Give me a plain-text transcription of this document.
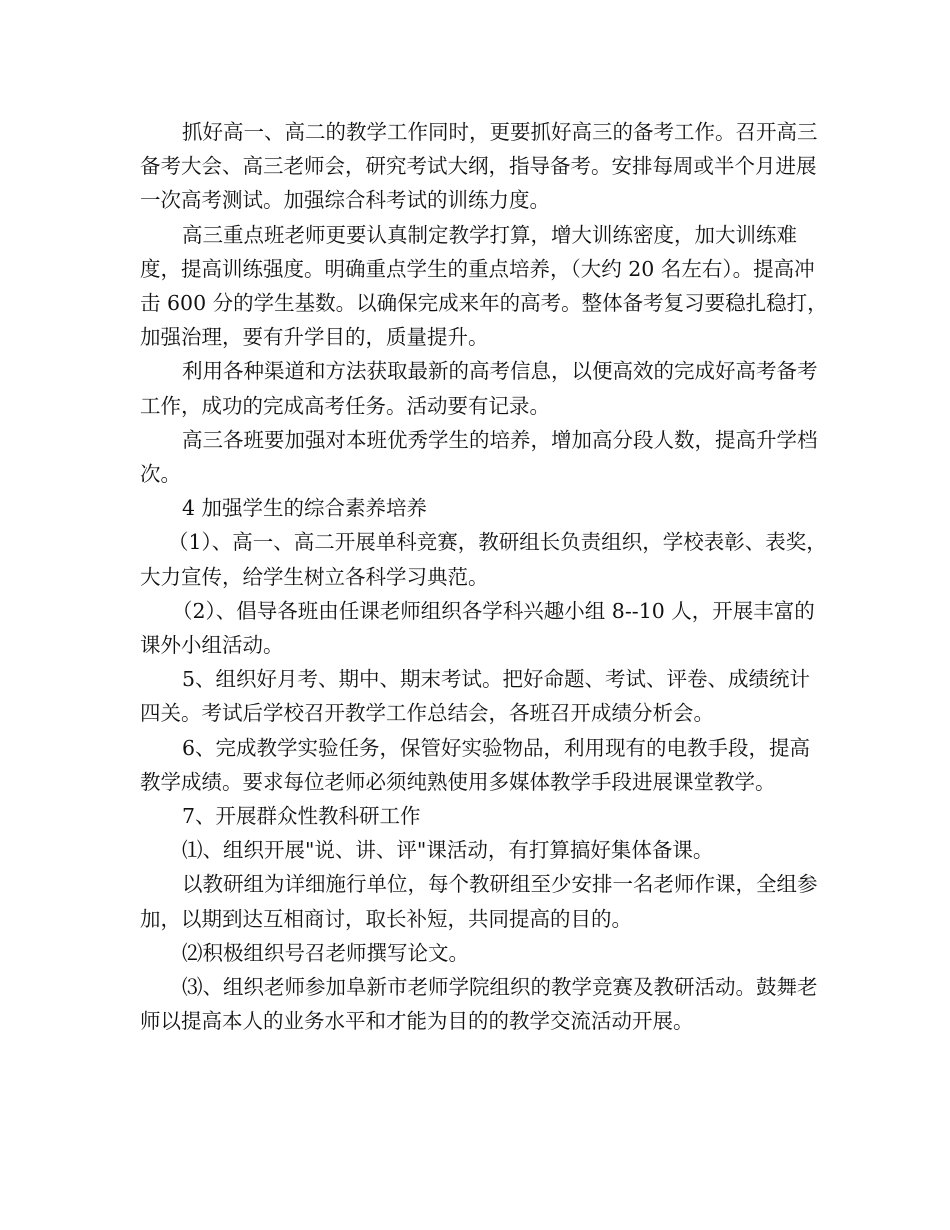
抓好高一、高二的教学工作同时，更要抓好高三的备考工作。召开高三备考大会、高三老师会，研究考试大纲，指导备考。安排每周或半个月进展一次高考测试。加强综合科考试的训练力度。

高三重点班老师更要认真制定教学打算，增大训练密度，加大训练难度，提高训练强度。明确重点学生的重点培养，（大约 20 名左右）。提高冲击 600 分的学生基数。以确保完成来年的高考。整体备考复习要稳扎稳打，加强治理，要有升学目的，质量提升。

利用各种渠道和方法获取最新的高考信息，以便高效的完成好高考备考工作，成功的完成高考任务。活动要有记录。

高三各班要加强对本班优秀学生的培养，增加高分段人数，提高升学档次。

4 加强学生的综合素养培养

（1）、高一、高二开展单科竞赛，教研组长负责组织，学校表彰、表奖，大力宣传，给学生树立各科学习典范。

（2）、倡导各班由任课老师组织各学科兴趣小组 8--10 人，开展丰富的课外小组活动。

5、组织好月考、期中、期末考试。把好命题、考试、评卷、成绩统计四关。考试后学校召开教学工作总结会，各班召开成绩分析会。

6、完成教学实验任务，保管好实验物品，利用现有的电教手段，提高教学成绩。要求每位老师必须纯熟使用多媒体教学手段进展课堂教学。

7、开展群众性教科研工作

⑴、组织开展"说、讲、评"课活动，有打算搞好集体备课。

以教研组为详细施行单位，每个教研组至少安排一名老师作课，全组参加，以期到达互相商讨，取长补短，共同提高的目的。

⑵积极组织号召老师撰写论文。

⑶、组织老师参加阜新市老师学院组织的教学竞赛及教研活动。鼓舞老师以提高本人的业务水平和才能为目的的教学交流活动开展。
